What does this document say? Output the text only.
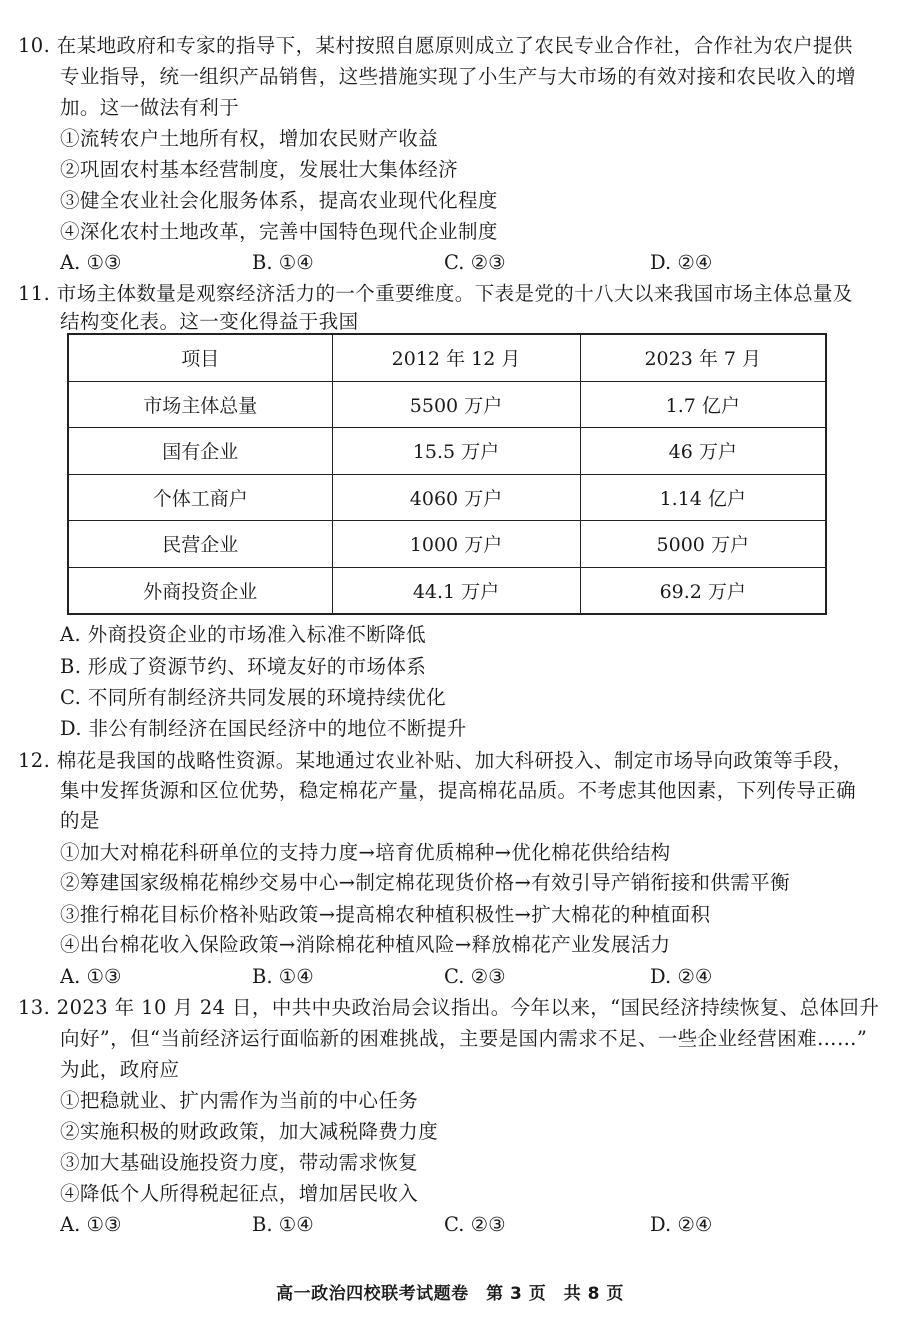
10. 在某地政府和专家的指导下，某村按照自愿原则成立了农民专业合作社，合作社为农户提供
专业指导，统一组织产品销售，这些措施实现了小生产与大市场的有效对接和农民收入的增
加。这一做法有利于
①流转农户土地所有权，增加农民财产收益
②巩固农村基本经营制度，发展壮大集体经济
③健全农业社会化服务体系，提高农业现代化程度
④深化农村土地改革，完善中国特色现代企业制度
A. ①③	B. ①④	C. ②③	D. ②④
11. 市场主体数量是观察经济活力的一个重要维度。下表是党的十八大以来我国市场主体总量及
结构变化表。这一变化得益于我国
项目	2012 年 12 月	2023 年 7 月
市场主体总量	5500 万户	1.7 亿户
国有企业	15.5 万户	46 万户
个体工商户	4060 万户	1.14 亿户
民营企业	1000 万户	5000 万户
外商投资企业	44.1 万户	69.2 万户
A. 外商投资企业的市场准入标准不断降低
B. 形成了资源节约、环境友好的市场体系
C. 不同所有制经济共同发展的环境持续优化
D. 非公有制经济在国民经济中的地位不断提升
12. 棉花是我国的战略性资源。某地通过农业补贴、加大科研投入、制定市场导向政策等手段，
集中发挥货源和区位优势，稳定棉花产量，提高棉花品质。不考虑其他因素，下列传导正确
的是
①加大对棉花科研单位的支持力度→培育优质棉种→优化棉花供给结构
②筹建国家级棉花棉纱交易中心→制定棉花现货价格→有效引导产销衔接和供需平衡
③推行棉花目标价格补贴政策→提高棉农种植积极性→扩大棉花的种植面积
④出台棉花收入保险政策→消除棉花种植风险→释放棉花产业发展活力
A. ①③	B. ①④	C. ②③	D. ②④
13. 2023 年 10 月 24 日，中共中央政治局会议指出。今年以来，“国民经济持续恢复、总体回升
向好”，但“当前经济运行面临新的困难挑战，主要是国内需求不足、一些企业经营困难……”
为此，政府应
①把稳就业、扩内需作为当前的中心任务
②实施积极的财政政策，加大减税降费力度
③加大基础设施投资力度，带动需求恢复
④降低个人所得税起征点，增加居民收入
A. ①③	B. ①④	C. ②③	D. ②④
高一政治四校联考试题卷　第 3 页　共 8 页
